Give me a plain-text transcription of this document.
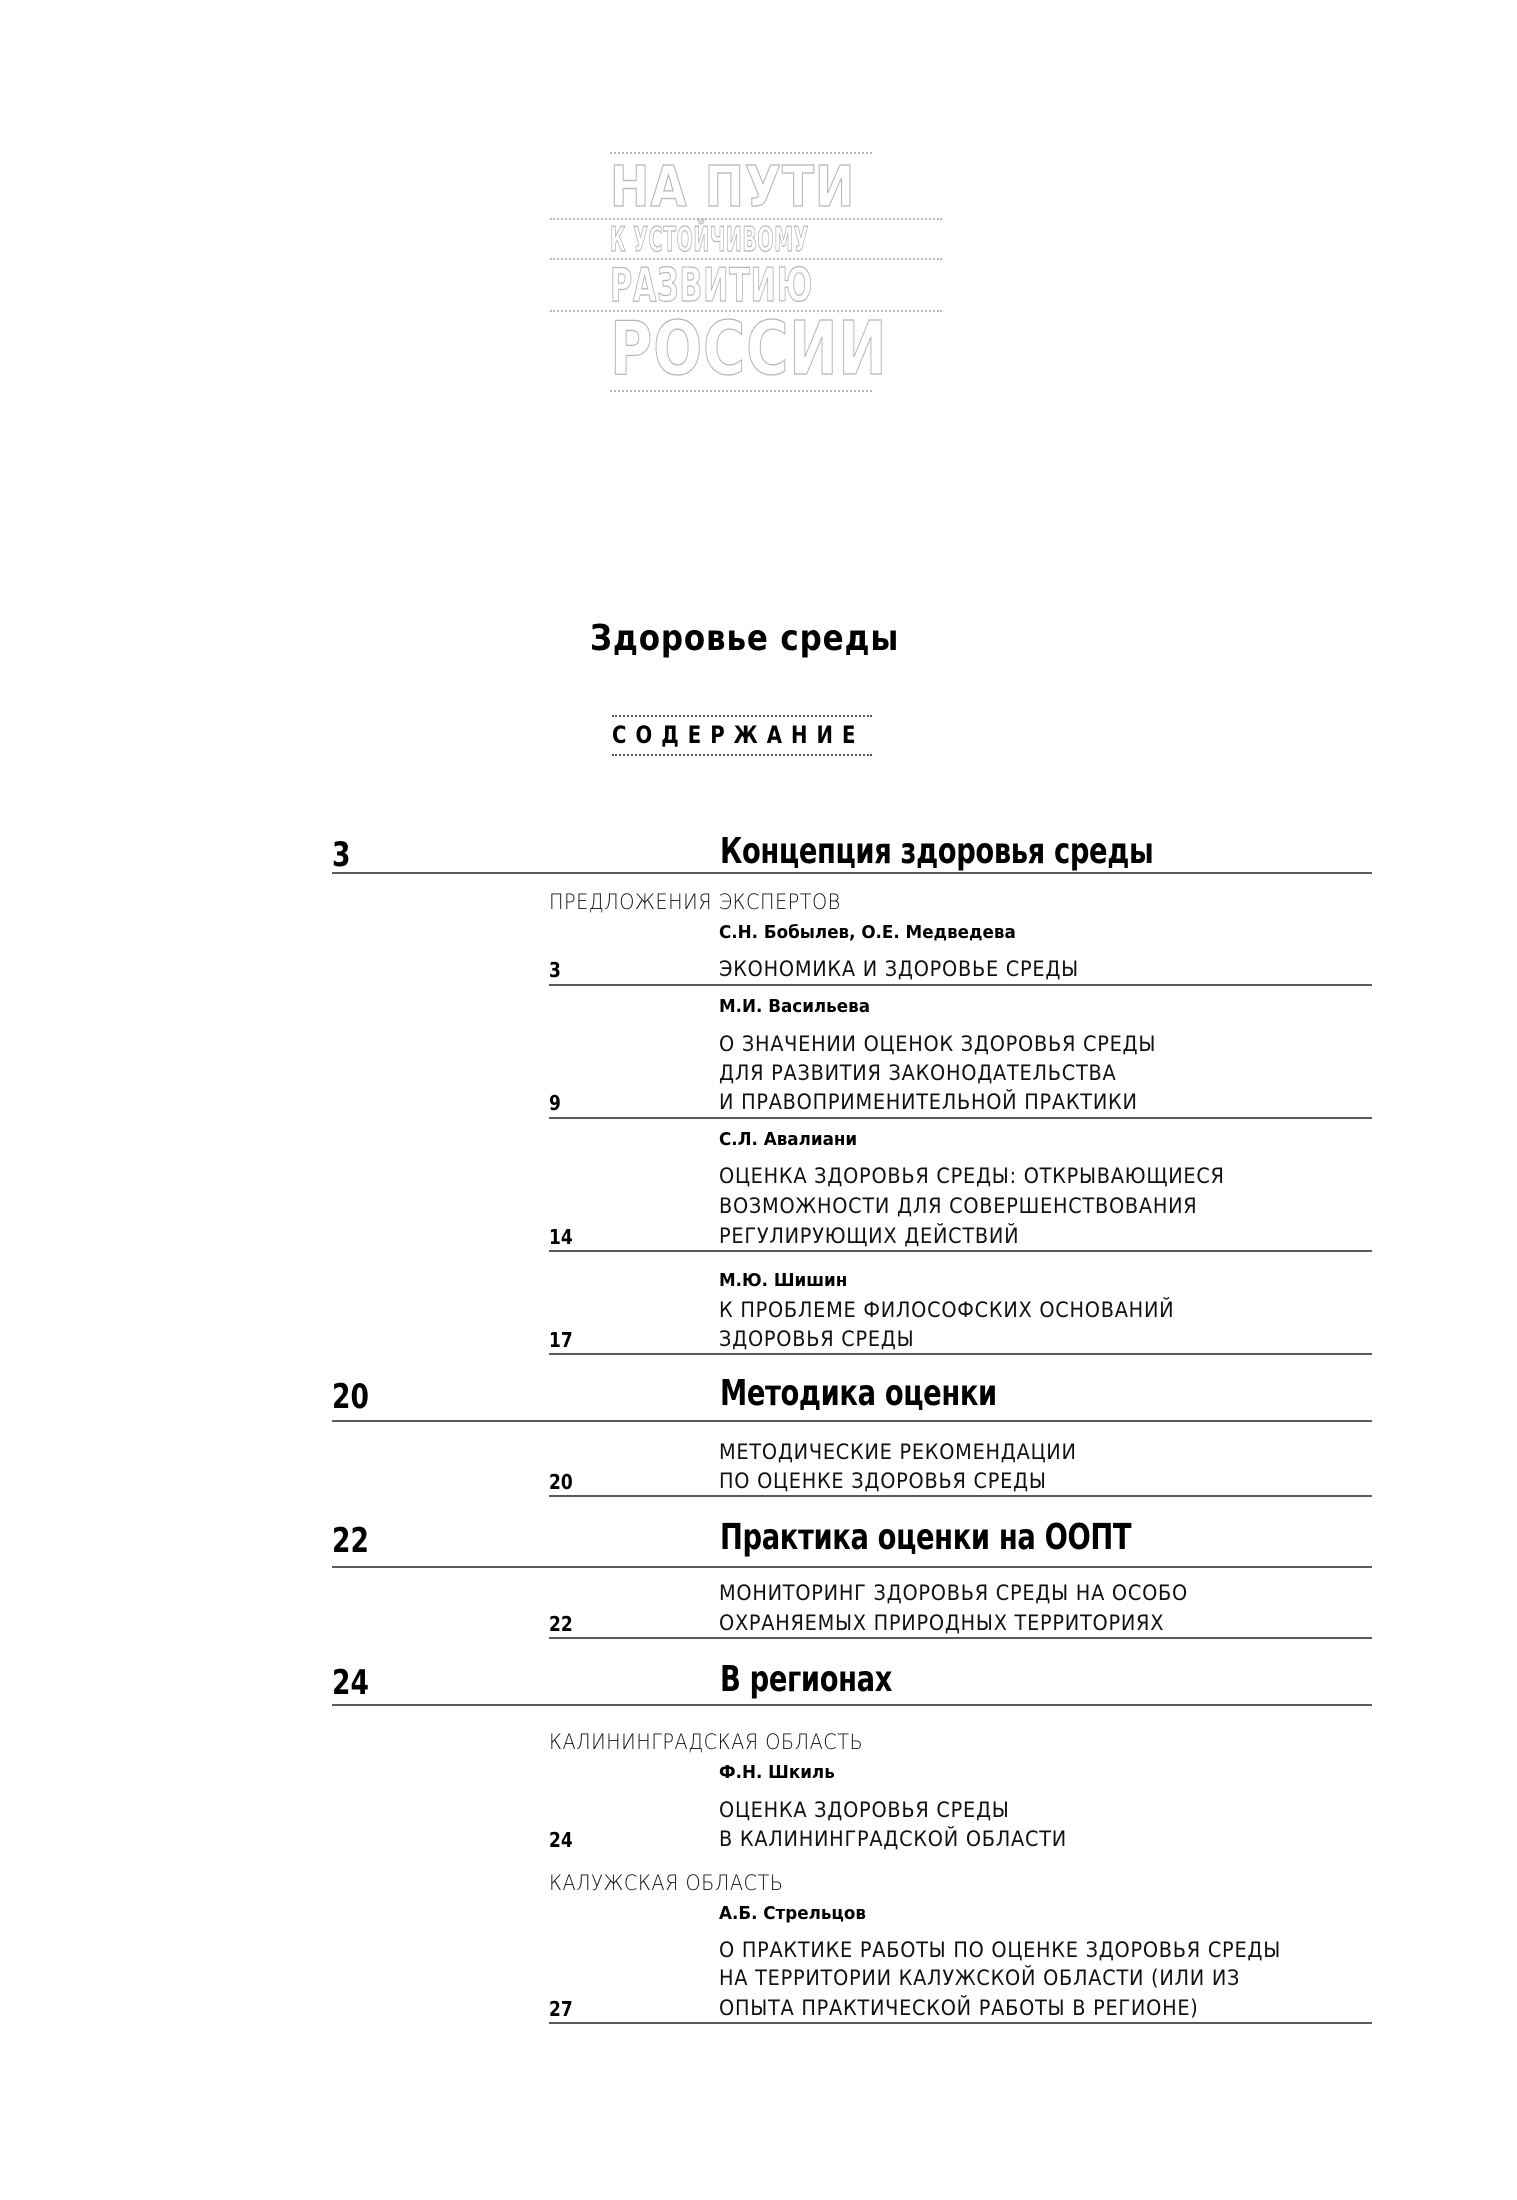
НА ПУТИ
К УСТОЙЧИВОМУ
РАЗВИТИЮ
РОССИИ
Здоровье среды
СОДЕРЖАНИЕ
3	Концепция здоровья среды
ПРЕДЛОЖЕНИЯ ЭКСПЕРТОВ
С.Н. Бобылев, О.Е. Медведева
3	ЭКОНОМИКА И ЗДОРОВЬЕ СРЕДЫ
М.И. Васильева
О ЗНАЧЕНИИ ОЦЕНОК ЗДОРОВЬЯ СРЕДЫ
ДЛЯ РАЗВИТИЯ ЗАКОНОДАТЕЛЬСТВА
9	И ПРАВОПРИМЕНИТЕЛЬНОЙ ПРАКТИКИ
С.Л. Авалиани
ОЦЕНКА ЗДОРОВЬЯ СРЕДЫ: ОТКРЫВАЮЩИЕСЯ
ВОЗМОЖНОСТИ ДЛЯ СОВЕРШЕНСТВОВАНИЯ
14	РЕГУЛИРУЮЩИХ ДЕЙСТВИЙ
М.Ю. Шишин
К ПРОБЛЕМЕ ФИЛОСОФСКИХ ОСНОВАНИЙ
17	ЗДОРОВЬЯ СРЕДЫ
20	Методика оценки
МЕТОДИЧЕСКИЕ РЕКОМЕНДАЦИИ
20	ПО ОЦЕНКЕ ЗДОРОВЬЯ СРЕДЫ
22	Практика оценки на ООПТ
МОНИТОРИНГ ЗДОРОВЬЯ СРЕДЫ НА ОСОБО
22	ОХРАНЯЕМЫХ ПРИРОДНЫХ ТЕРРИТОРИЯХ
24	В регионах
КАЛИНИНГРАДСКАЯ ОБЛАСТЬ
Ф.Н. Шкиль
ОЦЕНКА ЗДОРОВЬЯ СРЕДЫ
24	В КАЛИНИНГРАДСКОЙ ОБЛАСТИ
КАЛУЖСКАЯ ОБЛАСТЬ
А.Б. Стрельцов
О ПРАКТИКЕ РАБОТЫ ПО ОЦЕНКЕ ЗДОРОВЬЯ СРЕДЫ
НА ТЕРРИТОРИИ КАЛУЖСКОЙ ОБЛАСТИ (ИЛИ ИЗ
27	ОПЫТА ПРАКТИЧЕСКОЙ РАБОТЫ В РЕГИОНЕ)
